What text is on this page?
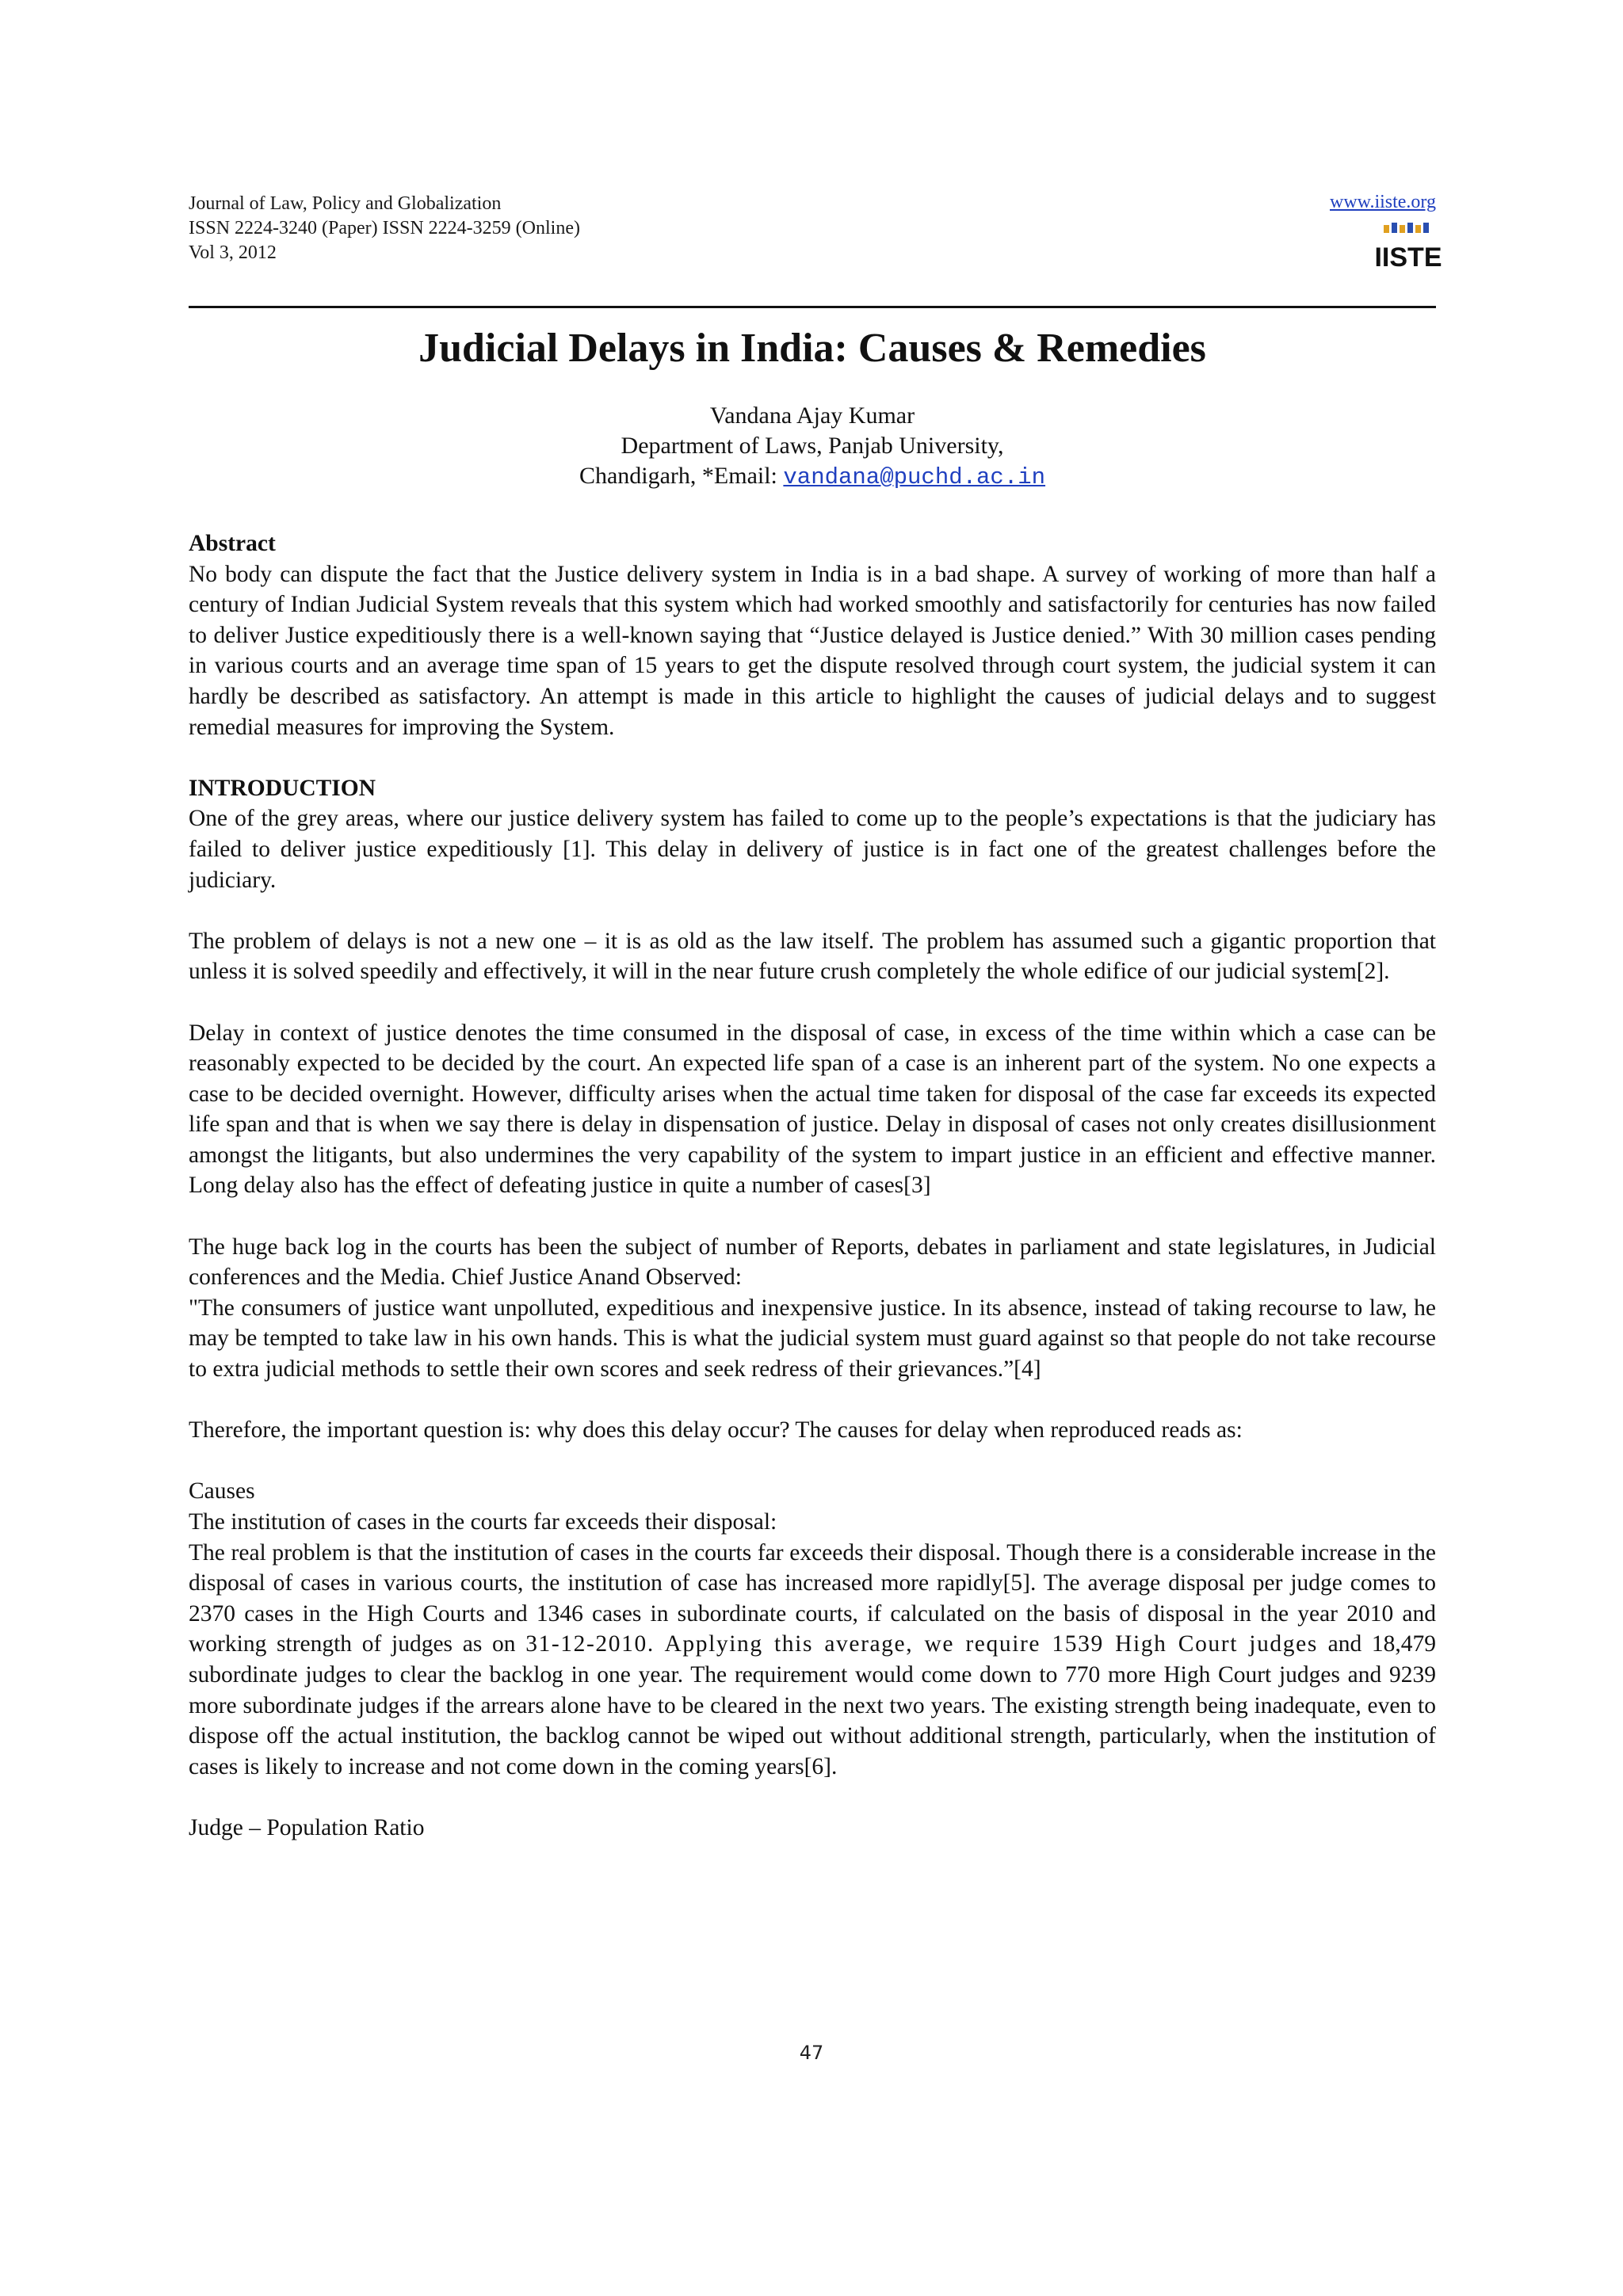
Journal of Law, Policy and Globalization
ISSN 2224-3240 (Paper) ISSN 2224-3259 (Online)
Vol 3, 2012
www.iiste.org
IISTE
Judicial Delays in India: Causes & Remedies
Vandana Ajay Kumar
Department of Laws, Panjab University,
Chandigarh, *Email: vandana@puchd.ac.in

Abstract

No body can dispute the fact that the Justice delivery system in India is in a bad shape. A survey of working of more than half a century of Indian Judicial System reveals that this system which had worked smoothly and satisfactorily for centuries has now failed to deliver Justice expeditiously there is a well-known saying that “Justice delayed is Justice denied.” With 30 million cases pending in various courts and an average time span of 15 years to get the dispute resolved through court system, the judicial system it can hardly be described as satisfactory. An attempt is made in this article to highlight the causes of judicial delays and to suggest remedial measures for improving the System.

INTRODUCTION

One of the grey areas, where our justice delivery system has failed to come up to the people’s expectations is that the judiciary has failed to deliver justice expeditiously [1]. This delay in delivery of justice is in fact one of the greatest challenges before the judiciary.

The problem of delays is not a new one – it is as old as the law itself. The problem has assumed such a gigantic proportion that unless it is solved speedily and effectively, it will in the near future crush completely the whole edifice of our judicial system[2].

Delay in context of justice denotes the time consumed in the disposal of case, in excess of the time within which a case can be reasonably expected to be decided by the court. An expected life span of a case is an inherent part of the system. No one expects a case to be decided overnight. However, difficulty arises when the actual time taken for disposal of the case far exceeds its expected life span and that is when we say there is delay in dispensation of justice. Delay in disposal of cases not only creates disillusionment amongst the litigants, but also undermines the very capability of the system to impart justice in an efficient and effective manner. Long delay also has the effect of defeating justice in quite a number of cases[3]

The huge back log in the courts has been the subject of number of Reports, debates in parliament and state legislatures, in Judicial conferences and the Media. Chief Justice Anand Observed:

"The consumers of justice want unpolluted, expeditious and inexpensive justice. In its absence, instead of taking recourse to law, he may be tempted to take law in his own hands. This is what the judicial system must guard against so that people do not take recourse to extra judicial methods to settle their own scores and seek redress of their grievances.”[4]

Therefore, the important question is: why does this delay occur? The causes for delay when reproduced reads as:

Causes

The institution of cases in the courts far exceeds their disposal:

The real problem is that the institution of cases in the courts far exceeds their disposal. Though there is a considerable increase in the disposal of cases in various courts, the institution of case has increased more rapidly[5]. The average disposal per judge comes to 2370 cases in the High Courts and 1346 cases in subordinate courts, if calculated on the basis of disposal in the year 2010 and working strength of judges as on 31-12-2010. Applying this average, we require 1539 High Court judges and 18,479 subordinate judges to clear the backlog in one year. The requirement would come down to 770 more High Court judges and 9239 more subordinate judges if the arrears alone have to be cleared in the next two years. The existing strength being inadequate, even to dispose off the actual institution, the backlog cannot be wiped out without additional strength, particularly, when the institution of cases is likely to increase and not come down in the coming years[6].

Judge – Population Ratio

47
